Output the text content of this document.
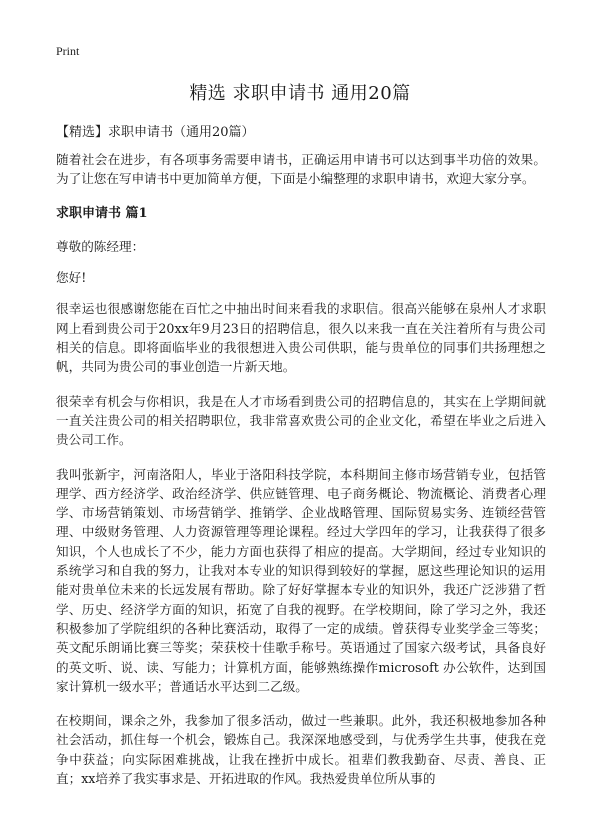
Print
精选 求职申请书 通用20篇

【精选】求职申请书（通用20篇）

随着社会在进步，有各项事务需要申请书，正确运用申请书可以达到事半功倍的效果。为了让您在写申请书中更加简单方便，下面是小编整理的求职申请书，欢迎大家分享。

求职申请书 篇1

尊敬的陈经理：

您好!

很幸运也很感谢您能在百忙之中抽出时间来看我的求职信。很高兴能够在泉州人才求职网上看到贵公司于20xx年9月23日的招聘信息，很久以来我一直在关注着所有与贵公司相关的信息。即将面临毕业的我很想进入贵公司供职，能与贵单位的同事们共扬理想之帆，共同为贵公司的事业创造一片新天地。

很荣幸有机会与你相识，我是在人才市场看到贵公司的招聘信息的，其实在上学期间就一直关注贵公司的相关招聘职位，我非常喜欢贵公司的企业文化，希望在毕业之后进入贵公司工作。

我叫张新宇，河南洛阳人，毕业于洛阳科技学院，本科期间主修市场营销专业，包括管理学、西方经济学、政治经济学、供应链管理、电子商务概论、物流概论、消费者心理学、市场营销策划、市场营销学、推销学、企业战略管理、国际贸易实务、连锁经营管理、中级财务管理、人力资源管理等理论课程。经过大学四年的学习，让我获得了很多知识，个人也成长了不少，能力方面也获得了相应的提高。大学期间，经过专业知识的系统学习和自我的努力，让我对本专业的知识得到较好的掌握，愿这些理论知识的运用能对贵单位未来的长远发展有帮助。除了好好掌握本专业的知识外，我还广泛涉猎了哲学、历史、经济学方面的知识，拓宽了自我的视野。在学校期间，除了学习之外，我还积极参加了学院组织的各种比赛活动，取得了一定的成绩。曾获得专业奖学金三等奖；英文配乐朗诵比赛三等奖；荣获校十佳歌手称号。英语通过了国家六级考试，具备良好的英文听、说、读、写能力；计算机方面，能够熟练操作microsoft 办公软件，达到国家计算机一级水平；普通话水平达到二乙级。

在校期间，课余之外，我参加了很多活动，做过一些兼职。此外，我还积极地参加各种社会活动，抓住每一个机会，锻炼自己。我深深地感受到，与优秀学生共事，使我在竞争中获益；向实际困难挑战，让我在挫折中成长。祖辈们教我勤奋、尽责、善良、正直；xx培养了我实事求是、开拓进取的作风。我热爱贵单位所从事的
